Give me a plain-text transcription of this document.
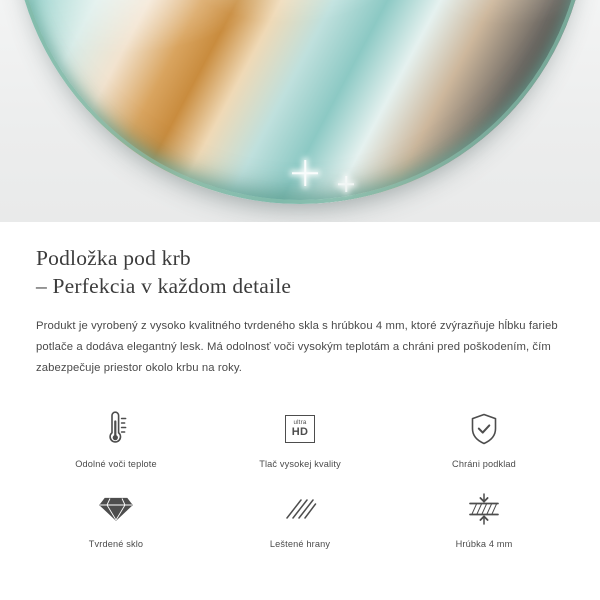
Podložka pod krb
– Perfekcia v každom detaile

Produkt je vyrobený z vysoko kvalitného tvrdeného skla s hrúbkou 4 mm, ktoré zvýrazňuje hĺbku farieb potlače a dodáva elegantný lesk. Má odolnosť voči vysokým teplotám a chráni pred poškodením, čím zabezpečuje priestor okolo krbu na roky.

Odolné voči teplote
ultra
HD
Tlač vysokej kvality	Chráni podklad
Tvrdené sklo	Leštené hrany	Hrúbka 4 mm
